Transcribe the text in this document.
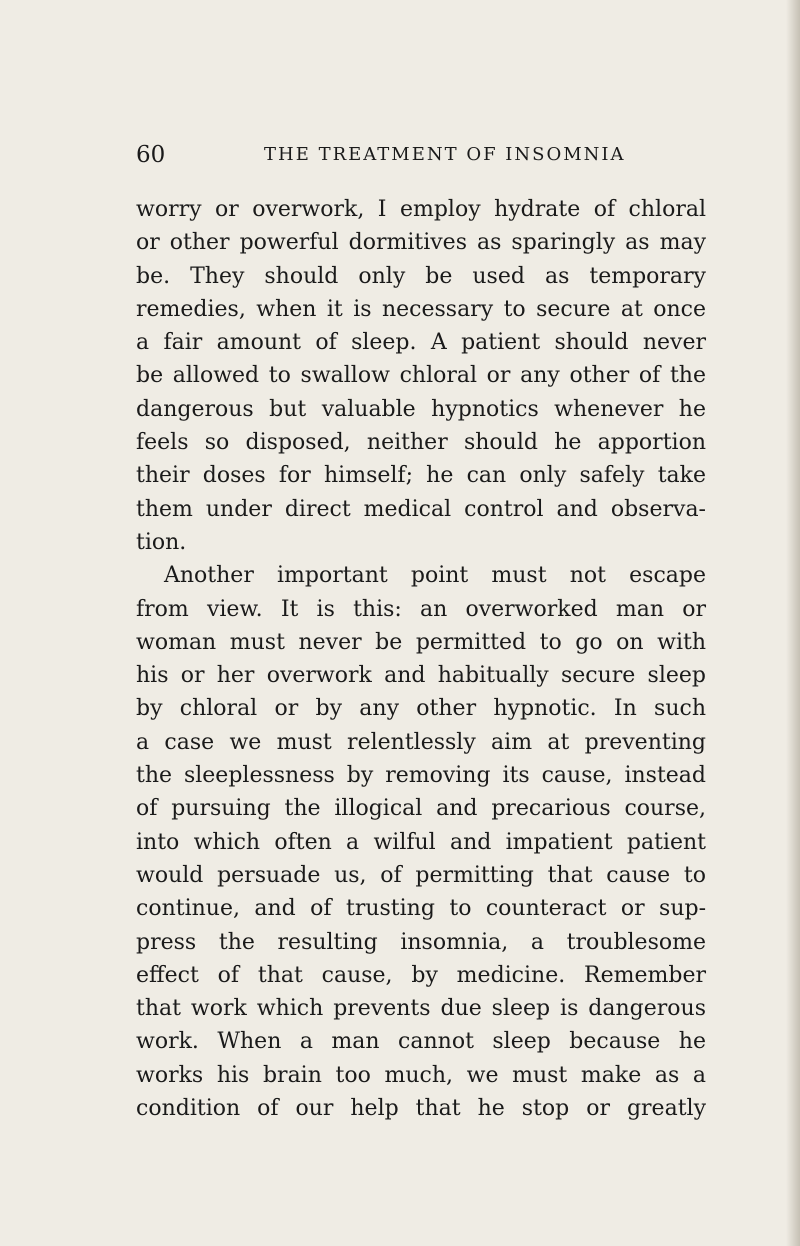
60	THE TREATMENT OF INSOMNIA
worry or overwork, I employ hydrate of chloral
or other powerful dormitives as sparingly as may
be. They should only be used as temporary
remedies, when it is necessary to secure at once
a fair amount of sleep. A patient should never
be allowed to swallow chloral or any other of the
dangerous but valuable hypnotics whenever he
feels so disposed, neither should he apportion
their doses for himself; he can only safely take
them under direct medical control and observa-
tion.
Another important point must not escape
from view. It is this: an overworked man or
woman must never be permitted to go on with
his or her overwork and habitually secure sleep
by chloral or by any other hypnotic. In such
a case we must relentlessly aim at preventing
the sleeplessness by removing its cause, instead
of pursuing the illogical and precarious course,
into which often a wilful and impatient patient
would persuade us, of permitting that cause to
continue, and of trusting to counteract or sup-
press the resulting insomnia, a troublesome
effect of that cause, by medicine. Remember
that work which prevents due sleep is dangerous
work. When a man cannot sleep because he
works his brain too much, we must make as a
condition of our help that he stop or greatly
